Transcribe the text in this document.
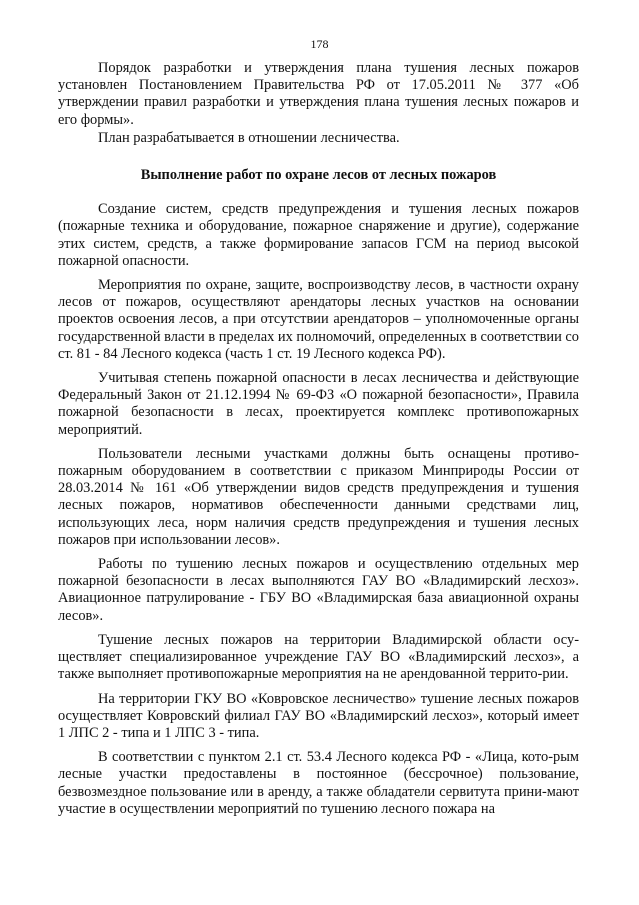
178

Порядок разработки и утверждения плана тушения лесных пожаров установлен Постановлением Правительства РФ от 17.05.2011 № 377 «Об утверждении правил разработки и утверждения плана тушения лесных пожаров и его формы».

План разрабатывается в отношении лесничества.

Выполнение работ по охране лесов от лесных пожаров

Создание систем, средств предупреждения и тушения лесных пожаров (пожарные техника и оборудование, пожарное снаряжение и другие), содержание этих систем, средств, а также формирование запасов ГСМ на период высокой пожарной опасности.

Мероприятия по охране, защите, воспроизводству лесов, в частности охрану лесов от пожаров, осуществляют арендаторы лесных участков на основании проектов освоения лесов, а при отсутствии арендаторов – уполномоченные органы государственной власти в пределах их полномочий, определенных в соответствии со ст. 81 - 84 Лесного кодекса (часть 1 ст. 19 Лесного кодекса РФ).

Учитывая степень пожарной опасности в лесах лесничества и действующие Федеральный Закон от 21.12.1994 № 69-ФЗ «О пожарной безопасности», Правила пожарной безопасности в лесах, проектируется комплекс противопожарных мероприятий.

Пользователи лесными участками должны быть оснащены противо-пожарным оборудованием в соответствии с приказом Минприроды России от 28.03.2014 № 161 «Об утверждении видов средств предупреждения и тушения лесных пожаров, нормативов обеспеченности данными средствами лиц, использующих леса, норм наличия средств предупреждения и тушения лесных пожаров при использовании лесов».

Работы по тушению лесных пожаров и осуществлению отдельных мер пожарной безопасности в лесах выполняются ГАУ ВО «Владимирский лесхоз». Авиационное патрулирование - ГБУ ВО «Владимирская база авиационной охраны лесов».

Тушение лесных пожаров на территории Владимирской области осу-ществляет специализированное учреждение ГАУ ВО «Владимирский лесхоз», а также выполняет противопожарные мероприятия на не арендованной террито-рии.

На территории ГКУ ВО «Ковровское лесничество» тушение лесных пожаров осуществляет Ковровский филиал ГАУ ВО «Владимирский лесхоз», который имеет 1 ЛПС 2 - типа и 1 ЛПС 3 - типа.

В соответствии с пунктом 2.1 ст. 53.4 Лесного кодекса РФ - «Лица, кото-рым лесные участки предоставлены в постоянное (бессрочное) пользование, безвозмездное пользование или в аренду, а также обладатели сервитута прини-мают участие в осуществлении мероприятий по тушению лесного пожара на
